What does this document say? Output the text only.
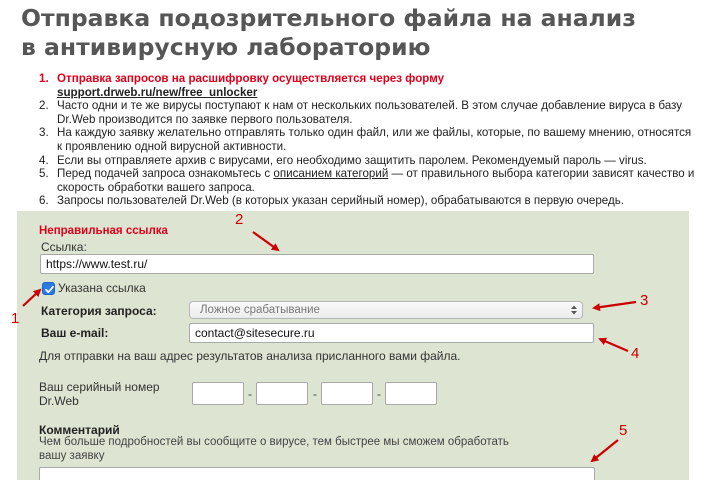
Отправка подозрительного файла на анализ
в антивирусную лабораторию
1. Отправка запросов на расшифровку осуществляется через форму
support.drweb.ru/new/free_unlocker
2. Часто одни и те же вирусы поступают к нам от нескольких пользователей. В этом случае добавление вируса в базу Dr.Web производится по заявке первого пользователя.
3. На каждую заявку желательно отправлять только один файл, или же файлы, которые, по вашему мнению, относятся к проявлению одной вирусной активности.
4. Если вы отправляете архив с вирусами, его необходимо защитить паролем. Рекомендуемый пароль — virus.
5. Перед подачей запроса ознакомьтесь с описанием категорий — от правильного выбора категории зависят качество и скорость обработки вашего запроса.
6. Запросы пользователей Dr.Web (в которых указан серийный номер), обрабатываются в первую очередь.
Неправильная ссылка
Ссылка:
https://www.test.ru/
Указана ссылка
Категория запроса:	Ложное срабатывание
Ваш e-mail:
contact@sitesecure.ru
Для отправки на ваш адрес результатов анализа присланного вами файла.
Ваш серийный номер
Dr.Web	-	-	-
Комментарий
Чем больше подробностей вы сообщите о вирусе, тем быстрее мы сможем обработать
вашу заявку
1
2
3
4
5
